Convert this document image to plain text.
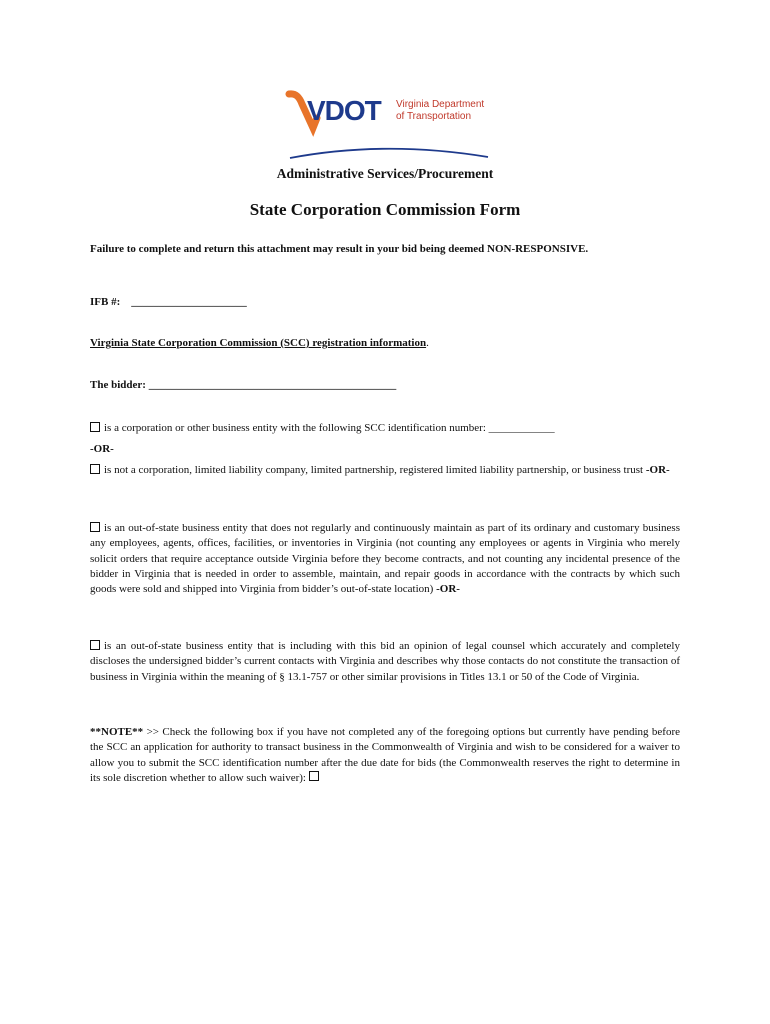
VDOT Virginia Department
of Transportation
Administrative Services/Procurement
State Corporation Commission Form
Failure to complete and return this attachment may result in your bid being deemed NON-RESPONSIVE.
IFB #: _____________________
Virginia State Corporation Commission (SCC) registration information.
The bidder: _____________________________________________
is a corporation or other business entity with the following SCC identification number: ____________
-OR-
is not a corporation, limited liability company, limited partnership, registered limited liability partnership, or business trust -OR-
is an out-of-state business entity that does not regularly and continuously maintain as part of its ordinary and customary business any employees, agents, offices, facilities, or inventories in Virginia (not counting any employees or agents in Virginia who merely solicit orders that require acceptance outside Virginia before they become contracts, and not counting any incidental presence of the bidder in Virginia that is needed in order to assemble, maintain, and repair goods in accordance with the contracts by which such goods were sold and shipped into Virginia from bidder’s out-of-state location) -OR-
is an out-of-state business entity that is including with this bid an opinion of legal counsel which accurately and completely discloses the undersigned bidder’s current contacts with Virginia and describes why those contacts do not constitute the transaction of business in Virginia within the meaning of § 13.1-757 or other similar provisions in Titles 13.1 or 50 of the Code of Virginia.
**NOTE** >> Check the following box if you have not completed any of the foregoing options but currently have pending before the SCC an application for authority to transact business in the Commonwealth of Virginia and wish to be considered for a waiver to allow you to submit the SCC identification number after the due date for bids (the Commonwealth reserves the right to determine in its sole discretion whether to allow such waiver):
